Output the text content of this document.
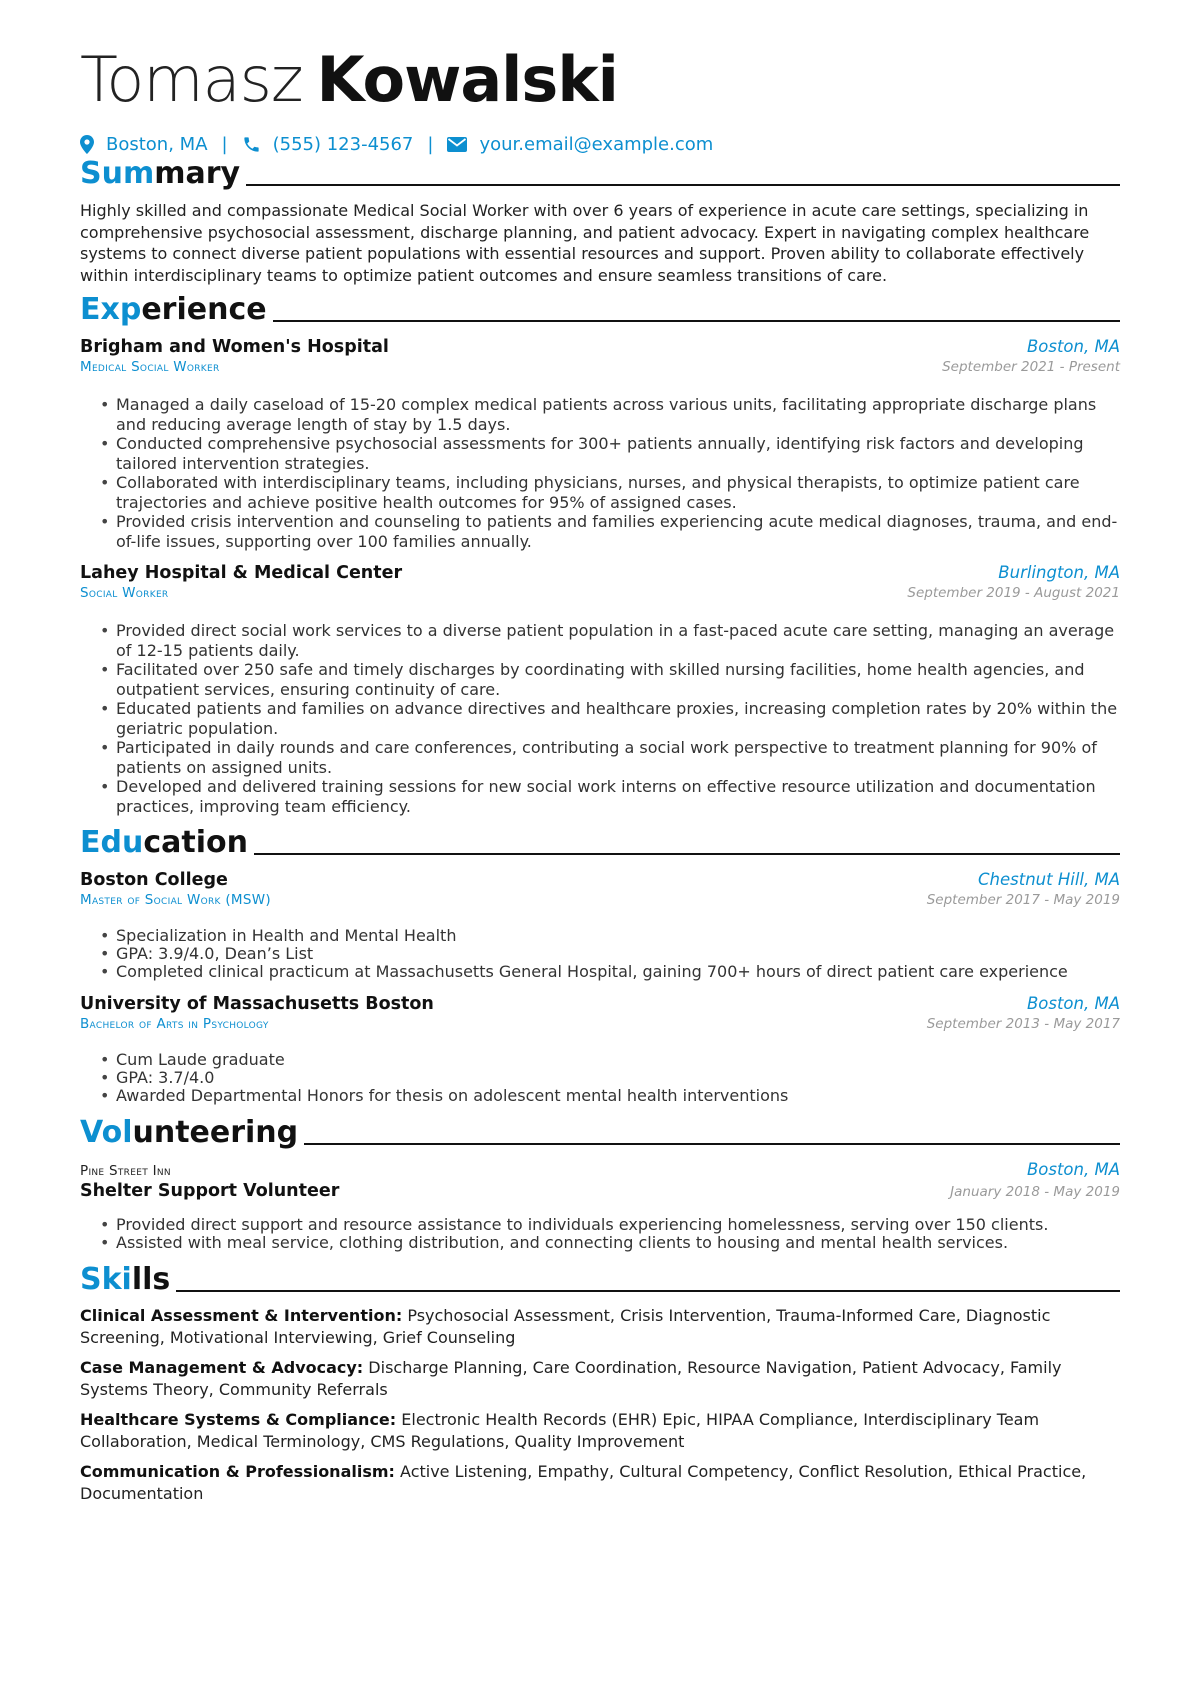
Tomasz Kowalski
Boston, MA |	(555) 123-4567 |	your.email@example.com
Summary
Highly skilled and compassionate Medical Social Worker with over 6 years of experience in acute care settings, specializing in comprehensive psychosocial assessment, discharge planning, and patient advocacy. Expert in navigating complex healthcare systems to connect diverse patient populations with essential resources and support. Proven ability to collaborate effectively within interdisciplinary teams to optimize patient outcomes and ensure seamless transitions of care.
Experience
Brigham and Women's Hospital	Boston, MA
Medical Social Worker	September 2021 - Present
• Managed a daily caseload of 15-20 complex medical patients across various units, facilitating appropriate discharge plans and reducing average length of stay by 1.5 days.
• Conducted comprehensive psychosocial assessments for 300+ patients annually, identifying risk factors and developing tailored intervention strategies.
• Collaborated with interdisciplinary teams, including physicians, nurses, and physical therapists, to optimize patient care trajectories and achieve positive health outcomes for 95% of assigned cases.
• Provided crisis intervention and counseling to patients and families experiencing acute medical diagnoses, trauma, and end-of-life issues, supporting over 100 families annually.
Lahey Hospital & Medical Center	Burlington, MA
Social Worker	September 2019 - August 2021
• Provided direct social work services to a diverse patient population in a fast-paced acute care setting, managing an average of 12-15 patients daily.
• Facilitated over 250 safe and timely discharges by coordinating with skilled nursing facilities, home health agencies, and outpatient services, ensuring continuity of care.
• Educated patients and families on advance directives and healthcare proxies, increasing completion rates by 20% within the geriatric population.
• Participated in daily rounds and care conferences, contributing a social work perspective to treatment planning for 90% of patients on assigned units.
• Developed and delivered training sessions for new social work interns on effective resource utilization and documentation practices, improving team efficiency.
Education
Boston College	Chestnut Hill, MA
Master of Social Work (MSW)	September 2017 - May 2019
• Specialization in Health and Mental Health
• GPA: 3.9/4.0, Dean’s List
• Completed clinical practicum at Massachusetts General Hospital, gaining 700+ hours of direct patient care experience
University of Massachusetts Boston	Boston, MA
Bachelor of Arts in Psychology	September 2013 - May 2017
• Cum Laude graduate
• GPA: 3.7/4.0
• Awarded Departmental Honors for thesis on adolescent mental health interventions
Volunteering
Pine Street Inn	Boston, MA
Shelter Support Volunteer	January 2018 - May 2019
• Provided direct support and resource assistance to individuals experiencing homelessness, serving over 150 clients.
• Assisted with meal service, clothing distribution, and connecting clients to housing and mental health services.
Skills
Clinical Assessment & Intervention: Psychosocial Assessment, Crisis Intervention, Trauma-Informed Care, Diagnostic Screening, Motivational Interviewing, Grief Counseling
Case Management & Advocacy: Discharge Planning, Care Coordination, Resource Navigation, Patient Advocacy, Family Systems Theory, Community Referrals
Healthcare Systems & Compliance: Electronic Health Records (EHR) Epic, HIPAA Compliance, Interdisciplinary Team Collaboration, Medical Terminology, CMS Regulations, Quality Improvement
Communication & Professionalism: Active Listening, Empathy, Cultural Competency, Conflict Resolution, Ethical Practice, Documentation
